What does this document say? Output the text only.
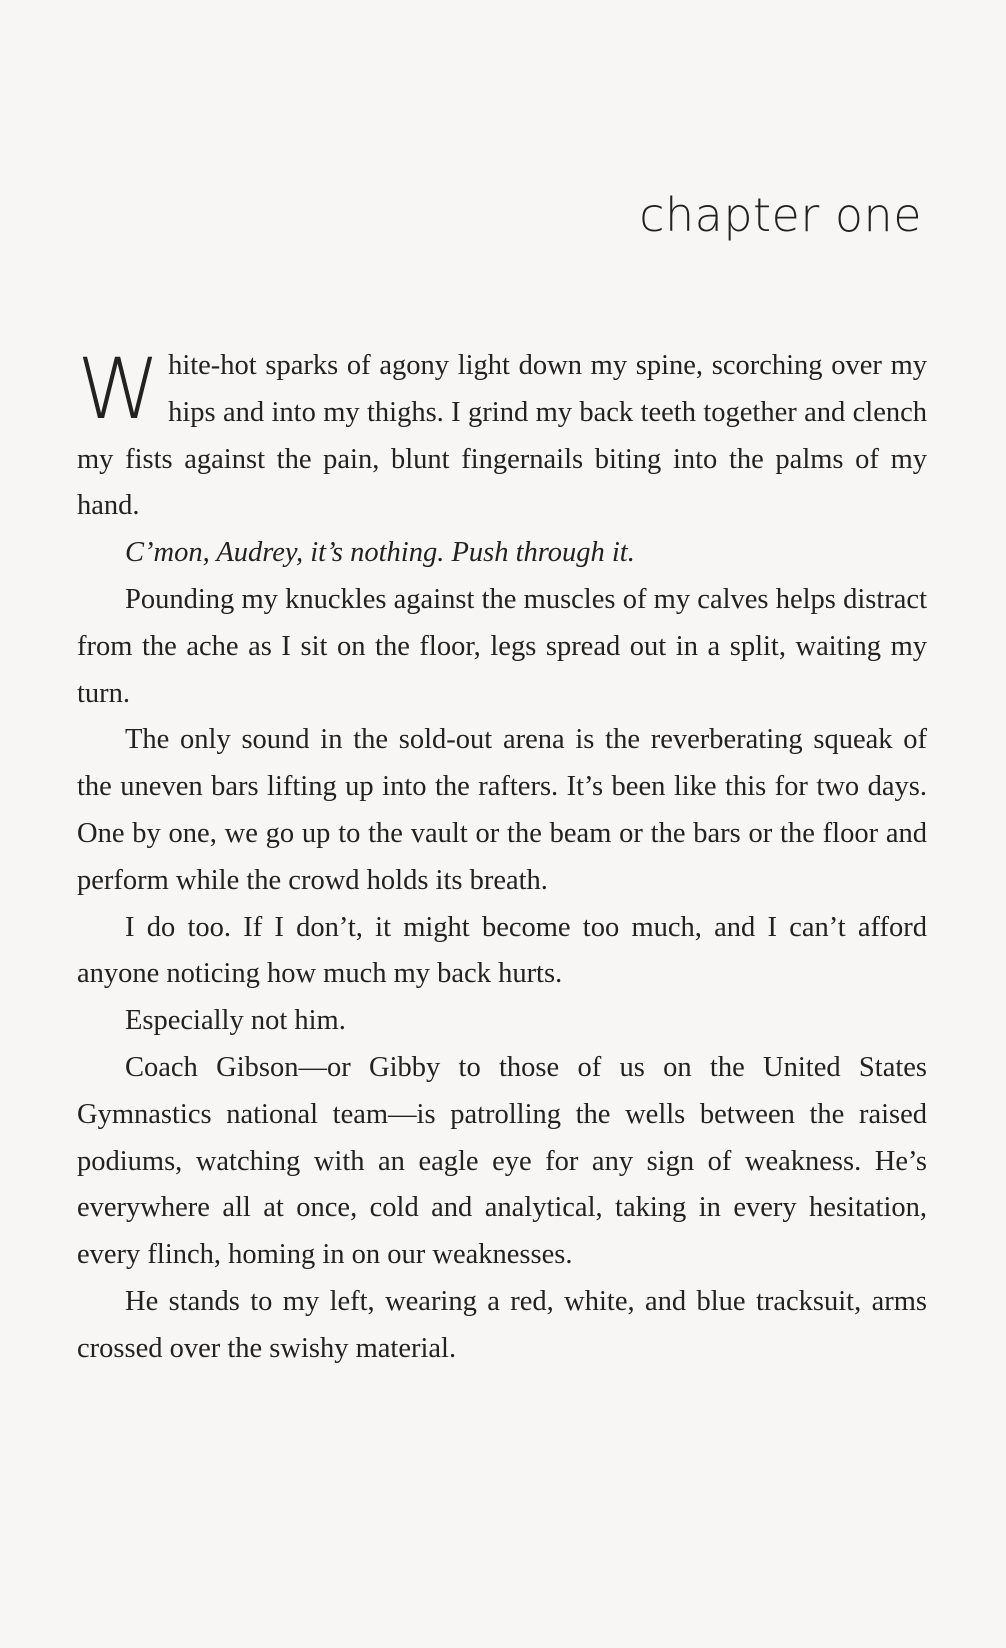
chapter one

White-hot sparks of agony light down my spine, scorching over my hips and into my thighs. I grind my back teeth together and clench my fists against the pain, blunt fingernails biting into the palms of my hand.

C’mon, Audrey, it’s nothing. Push through it.

Pounding my knuckles against the muscles of my calves helps distract from the ache as I sit on the floor, legs spread out in a split, waiting my turn.

The only sound in the sold-out arena is the reverberating squeak of the uneven bars lifting up into the rafters. It’s been like this for two days. One by one, we go up to the vault or the beam or the bars or the floor and perform while the crowd holds its breath.

I do too. If I don’t, it might become too much, and I can’t afford anyone noticing how much my back hurts.

Especially not him.

Coach Gibson—or Gibby to those of us on the United States Gymnastics national team—is patrolling the wells between the raised podiums, watching with an eagle eye for any sign of weakness. He’s everywhere all at once, cold and analytical, taking in every hesitation, every flinch, homing in on our weaknesses.

He stands to my left, wearing a red, white, and blue tracksuit, arms crossed over the swishy material.
